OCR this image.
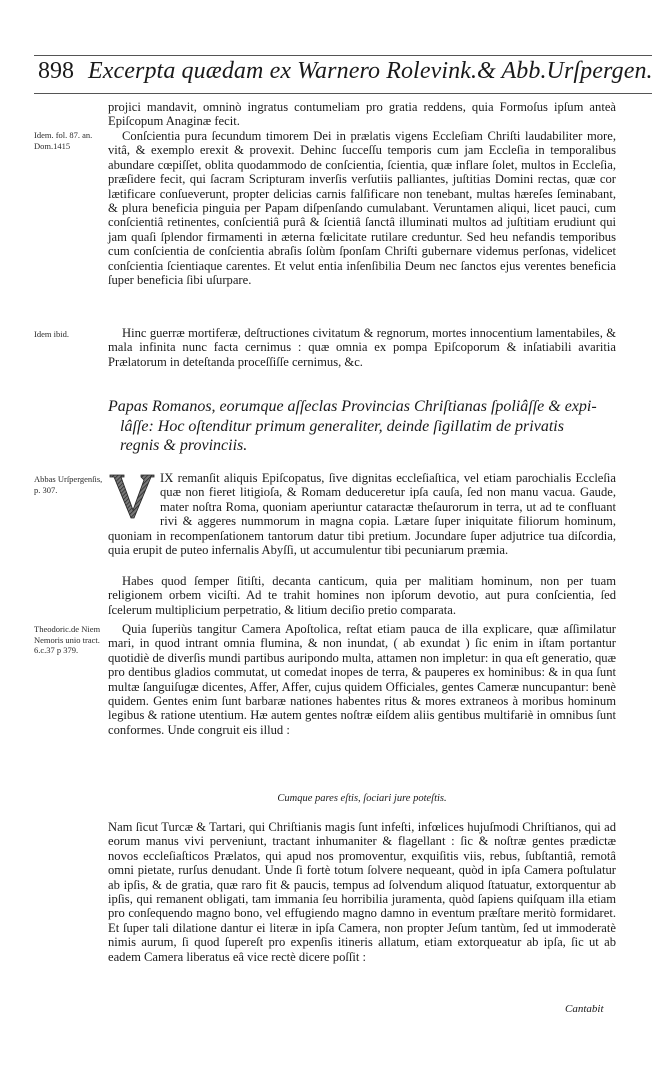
898 Excerpta quædam ex Warnero Rolevink.& Abb.Urſpergen.

projici mandavit, omninò ingratus contumeliam pro gratia reddens, quia Formoſus ipſum anteà Epiſcopum Anaginæ fecit.

Idem. fol. 87. an. Dom.1415

Conſcientia pura ſecundum timorem Dei in prælatis vigens Eccleſiam Chriſti laudabiliter more, vitâ, & exemplo erexit & provexit. Dehinc ſucceſſu temporis cum jam Eccleſia in temporalibus abundare cœpiſſet, oblita quodammodo de conſcientia, ſcientia, quæ inflare ſolet, multos in Eccleſia, præſidere fecit, qui ſacram Scripturam inverſis verſutiis palliantes, juſtitias Domini rectas, quæ cor lætificare conſueverunt, propter delicias carnis falſificare non tenebant, multas hæreſes ſeminabant, & plura beneficia pinguia per Papam diſpenſando cumulabant. Veruntamen aliqui, licet pauci, cum conſcientiâ retinentes, conſcientiâ purâ & ſcientiâ ſanctâ illuminati multos ad juſtitiam erudiunt qui jam quaſi ſplendor firmamenti in æterna fœlicitate rutilare creduntur. Sed heu nefandis temporibus cum conſcientia de conſcientia abraſis ſolùm ſponſam Chriſti gubernare videmus perſonas, videlicet conſcientia ſcientiaque carentes. Et velut entia inſenſibilia Deum nec ſanctos ejus verentes beneficia ſuper beneficia ſibi uſurpare.

Idem ibid.	Hinc guerræ mortiferæ, deſtructiones civitatum & regnorum, mortes innocentium lamentabiles, & mala infinita nunc facta cernimus : quæ omnia ex pompa Epiſcoporum & inſatiabili avaritia Prælatorum in deteſtanda proceſſiſſe cernimus, &c.

Papas Romanos, eorumque aſſeclas Provincias Chriſtianas ſpoliâſſe & expi-
lâſſe: Hoc oſtenditur primum generaliter, deinde ſigillatim de privatis
regnis & provinciis.
Abbas Urſpergenſis, p. 307.
IX remanſit aliquis Epiſcopatus, ſive dignitas eccleſiaſtica, vel etiam parochialis Eccleſia quæ non fieret litigioſa, & Romam deduceretur ipſa cauſa, ſed non manu vacua. Gaude, mater noſtra Roma, quoniam aperiuntur cataractæ theſaurorum in terra, ut ad te confluant rivi & aggeres nummorum in magna copia. Lætare ſuper iniquitate filiorum hominum, quoniam in recompenſationem tantorum datur tibi pretium. Jocundare ſuper adjutrice tua diſcordia, quia erupit de puteo infernalis Abyſſi, ut accumulentur tibi pecuniarum præmia.

Habes quod ſemper ſitiſti, decanta canticum, quia per malitiam hominum, non per tuam religionem orbem viciſti. Ad te trahit homines non ipſorum devotio, aut pura conſcientia, ſed ſcelerum multiplicium perpetratio, & litium deciſio pretio comparata.

Theodoric.de Niem Nemoris unio tract. 6.c.37 p 379.

Quia ſuperiùs tangitur Camera Apoſtolica, reſtat etiam pauca de illa explicare, quæ aſſimilatur mari, in quod intrant omnia flumina, & non inundat, ( ab exundat ) ſic enim in iſtam portantur quotidiè de diverſis mundi partibus auripondo multa, attamen non impletur: in qua eſt generatio, quæ pro dentibus gladios commutat, ut comedat inopes de terra, & pauperes ex hominibus: & in qua ſunt multæ ſanguiſugæ dicentes, Affer, Affer, cujus quidem Officiales, gentes Cameræ nuncupantur: benè quidem. Gentes enim ſunt barbaræ nationes habentes ritus & mores extraneos à moribus hominum legibus & ratione utentium. Hæ autem gentes noſtræ eiſdem aliis gentibus multifariè in omnibus ſunt conformes. Unde congruit eis illud :

Cumque pares eſtis, ſociari jure poteſtis.

Nam ſicut Turcæ & Tartari, qui Chriſtianis magis ſunt infeſti, infœlices hujuſmodi Chriſtianos, qui ad eorum manus vivi perveniunt, tractant inhumaniter & flagellant : ſic & noſtræ gentes prædictæ novos eccleſiaſticos Prælatos, qui apud nos promoventur, exquiſitis viis, rebus, ſubſtantiâ, remotâ omni pietate, rurſus denudant. Unde ſi fortè totum ſolvere nequeant, quòd in ipſa Camera poſtulatur ab ipſis, & de gratia, quæ raro fit & paucis, tempus ad ſolvendum aliquod ſtatuatur, extorquentur ab ipſis, qui remanent obligati, tam immania ſeu horribilia juramenta, quòd ſapiens quiſquam illa etiam pro conſequendo magno bono, vel effugiendo magno damno in eventum præſtare meritò formidaret. Et ſuper tali dilatione dantur ei literæ in ipſa Camera, non propter Jeſum tantùm, ſed ut immoderatè nimis aurum, ſi quod ſupereſt pro expenſis itineris allatum, etiam extorqueatur ab ipſa, ſic ut ab eadem Camera liberatus eâ vice rectè dicere poſſit :

Cantabit
